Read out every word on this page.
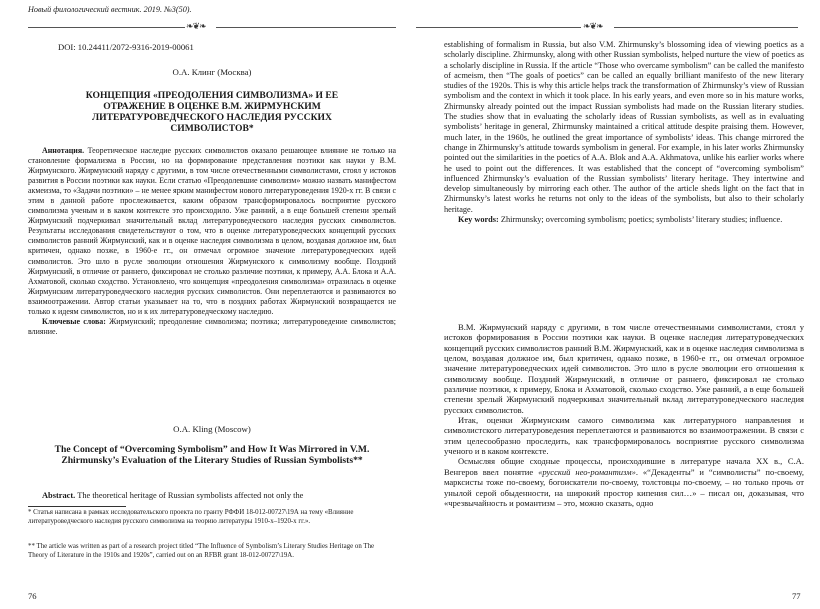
Новый филологический вестник. 2019. №3(50).
❧❦❧
DOI: 10.24411/2072-9316-2019-00061
О.А. Клинг (Москва)
КОНЦЕПЦИЯ «ПРЕОДОЛЕНИЯ СИМВОЛИЗМА» И ЕЕ ОТРАЖЕНИЕ В ОЦЕНКЕ В.М. ЖИРМУНСКИМ ЛИТЕРАТУРОВЕДЧЕСКОГО НАСЛЕДИЯ РУССКИХ СИМВОЛИСТОВ*

Аннотация. Теоретическое наследие русских символистов оказало решающее влияние не только на становление формализма в России, но на формирование представления поэтики как науки у В.М. Жирмунского. Жирмунский наряду с другими, в том числе отечественными символистами, стоял у истоков развития в России поэтики как науки. Если статью «Преодолевшие символизм» можно назвать манифестом акмеизма, то «Задачи поэтики» – не менее ярким манифестом нового литературоведения 1920-х гг. В связи с этим в данной работе прослеживается, каким образом трансформировалось восприятие русского символизма ученым и в каком контексте это происходило. Уже ранний, а в еще большей степени зрелый Жирмунский подчеркивал значительный вклад литературоведческого наследия русских символистов. Результаты исследования свидетельствуют о том, что в оценке литературоведческих концепций русских символистов ранний Жирмунский, как и в оценке наследия символизма в целом, воздавая должное им, был критичен, однако позже, в 1960-е гг., он отмечал огромное значение литературоведческих идей символистов. Это шло в русле эволюции отношения Жирмунского к символизму вообще. Поздний Жирмунский, в отличие от раннего, фиксировал не столько различие поэтики, к примеру, А.А. Блока и А.А. Ахматовой, сколько сходство. Установлено, что концепция «преодоления символизма» отразилась в оценке Жирмунским литературоведческого наследия русских символистов. Они переплетаются и развиваются во взаимоотражении. Автор статьи указывает на то, что в поздних работах Жирмунский возвращается не только к идеям символистов, но и к их литературоведческому наследию.

Ключевые слова: Жирмунский; преодоление символизма; поэтика; литературоведение символистов; влияние.

O.A. Kling (Moscow)
The Concept of “Overcoming Symbolism” and How It Was Mirrored in V.M. Zhirmunsky’s Evaluation of the Literary Studies of Russian Symbolists**

Abstract. The theoretical heritage of Russian symbolists affected not only the

* Статья написана в рамках исследовательского проекта по гранту РФФИ 18-012-00727\19А на тему «Влияние литературоведческого наследия русского символизма на теорию литературы 1910-х–1920-х гг.».
** The article was written as part of a research project titled “The Influence of Symbolism’s Literary Studies Heritage on The Theory of Literature in the 1910s and 1920s”, carried out on an RFBR grant 18-012-00727\19A.
76
❧❦❧

establishing of formalism in Russia, but also V.M. Zhirmunsky’s blossoming idea of viewing poetics as a scholarly discipline. Zhirmunsky, along with other Russian symbolists, helped nurture the view of poetics as a scholarly discipline in Russia. If the article “Those who overcame symbolism” can be called the manifesto of acmeism, then “The goals of poetics” can be called an equally brilliant manifesto of the new literary studies of the 1920s. This is why this article helps track the transformation of Zhirmunsky’s view of Russian symbolism and the context in which it took place. In his early years, and even more so in his mature works, Zhirmunsky already pointed out the impact Russian symbolists had made on the Russian literary studies. The studies show that in evaluating the scholarly ideas of Russian symbolists, as well as in evaluating symbolists’ heritage in general, Zhirmunsky maintained a critical attitude despite praising them. However, much later, in the 1960s, he outlined the great importance of symbolists’ ideas. This change mirrored the change in Zhirmunsky’s attitude towards symbolism in general. For example, in his later works Zhirmunsky pointed out the similarities in the poetics of A.A. Blok and A.A. Akhmatova, unlike his earlier works where he used to point out the differences. It was established that the concept of “overcoming symbolism” influenced Zhirmunsky’s evaluation of the Russian symbolists’ literary heritage. They intertwine and develop simultaneously by mirroring each other. The author of the article sheds light on the fact that in Zhirmunsky’s latest works he returns not only to the ideas of the symbolists, but also to their scholarly heritage.

Key words: Zhirmunsky; overcoming symbolism; poetics; symbolists’ literary studies; influence.

В.М. Жирмунский наряду с другими, в том числе отечественными символистами, стоял у истоков формирования в России поэтики как науки. В оценке наследия литературоведческих концепций русских символистов ранний В.М. Жирмунский, как и в оценке наследия символизма в целом, воздавая должное им, был критичен, однако позже, в 1960-е гг., он отмечал огромное значение литературоведческих идей символистов. Это шло в русле эволюции его отношения к символизму вообще. Поздний Жирмунский, в отличие от раннего, фиксировал не столько различие поэтики, к примеру, Блока и Ахматовой, сколько сходство. Уже ранний, а в еще большей степени зрелый Жирмунский подчеркивал значительный вклад литературоведческого наследия русских символистов.

Итак, оценки Жирмунским самого символизма как литературного направления и символистского литературоведения переплетаются и развиваются во взаимоотражении. В связи с этим целесообразно проследить, как трансформировалось восприятие русского символизма ученого и в каком контексте.

Осмысляя общие сходные процессы, происходившие в литературе начала XX в., С.А. Венгеров ввел понятие «русский нео-романтизм». «“Декаденты” и “символисты” по-своему, марксисты тоже по-своему, богоискатели по-своему, толстовцы по-своему, – но только прочь от унылой серой обыденности, на широкий простор кипения сил…» – писал он, доказывая, что «чрезвычайность и романтизм – это, можно сказать, одно

77
